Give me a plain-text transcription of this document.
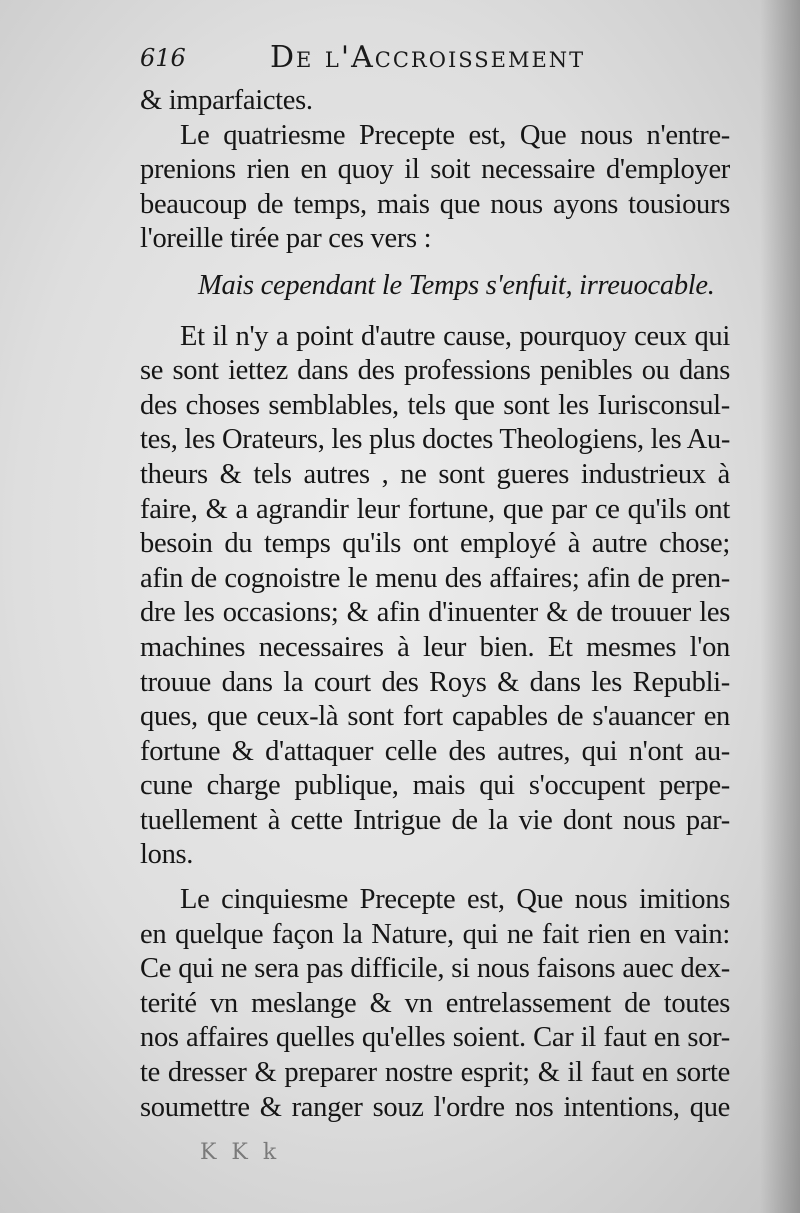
616	De l'Accroissement
& imparfaictes.
Le quatriesme Precepte est, Que nous n'entre-
prenions rien en quoy il soit necessaire d'employer
beaucoup de temps, mais que nous ayons tousiours
l'oreille tirée par ces vers :
Mais cependant le Temps s'enfuit, irreuocable.
Et il n'y a point d'autre cause, pourquoy ceux qui
se sont iettez dans des professions penibles ou dans
des choses semblables, tels que sont les Iurisconsul-
tes, les Orateurs, les plus doctes Theologiens, les Au-
theurs & tels autres , ne sont gueres industrieux à
faire, & a agrandir leur fortune, que par ce qu'ils ont
besoin du temps qu'ils ont employé à autre chose;
afin de cognoistre le menu des affaires; afin de pren-
dre les occasions; & afin d'inuenter & de trouuer les
machines necessaires à leur bien. Et mesmes l'on
trouue dans la court des Roys & dans les Republi-
ques, que ceux-là sont fort capables de s'auancer en
fortune & d'attaquer celle des autres, qui n'ont au-
cune charge publique, mais qui s'occupent perpe-
tuellement à cette Intrigue de la vie dont nous par-
lons.
Le cinquiesme Precepte est, Que nous imitions
en quelque façon la Nature, qui ne fait rien en vain:
Ce qui ne sera pas difficile, si nous faisons auec dex-
terité vn meslange & vn entrelassement de toutes
nos affaires quelles qu'elles soient. Car il faut en sor-
te dresser & preparer nostre esprit; & il faut en sorte
soumettre & ranger souz l'ordre nos intentions, que
K K k
